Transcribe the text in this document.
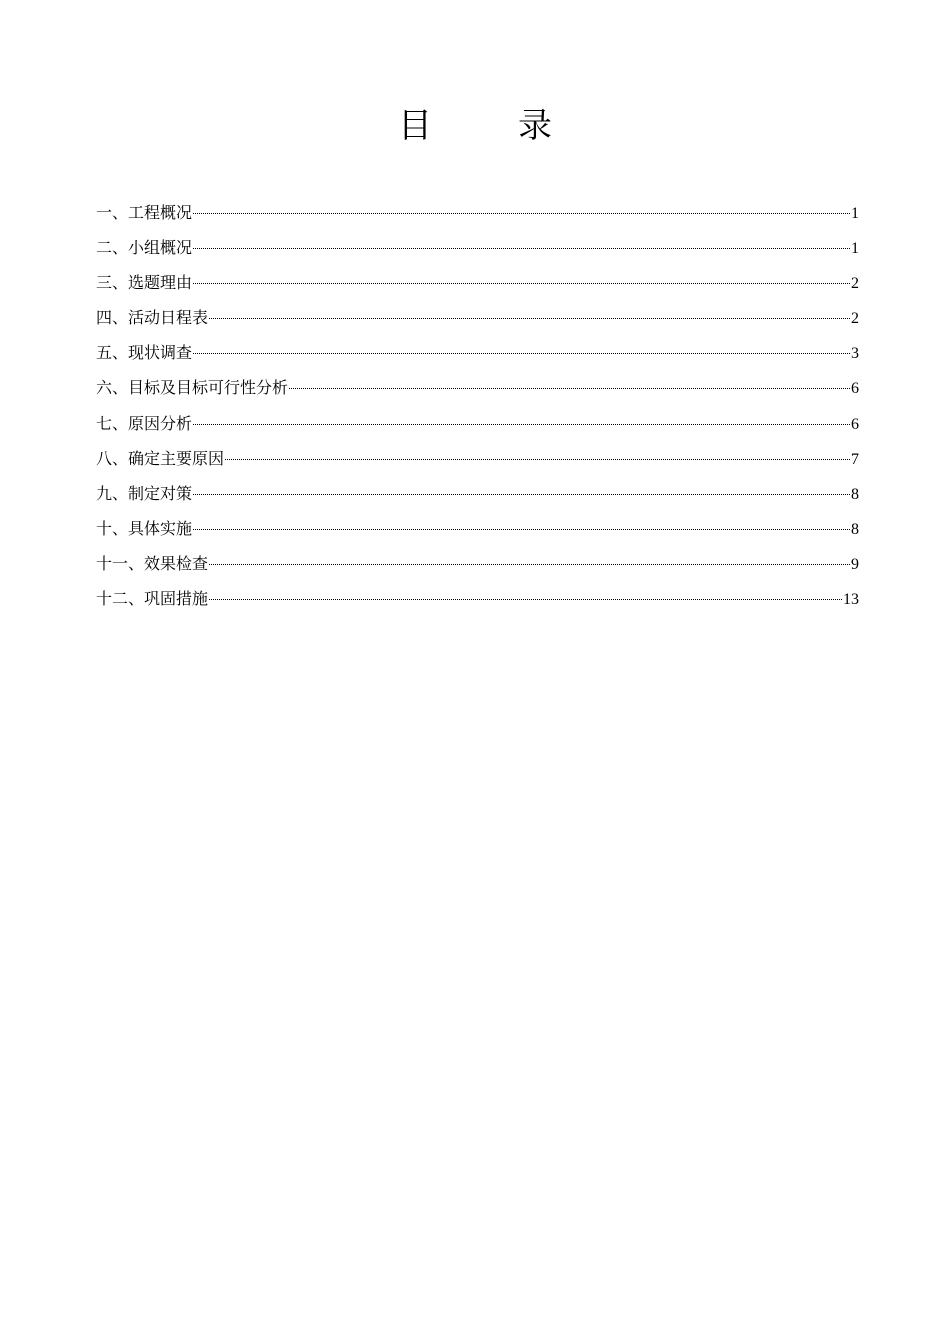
目	录
一、工程概况	1
二、小组概况	1
三、选题理由	2
四、活动日程表	2
五、现状调查	3
六、目标及目标可行性分析	6
七、原因分析	6
八、确定主要原因	7
九、制定对策	8
十、具体实施	8
十一、效果检查	9
十二、巩固措施	13
